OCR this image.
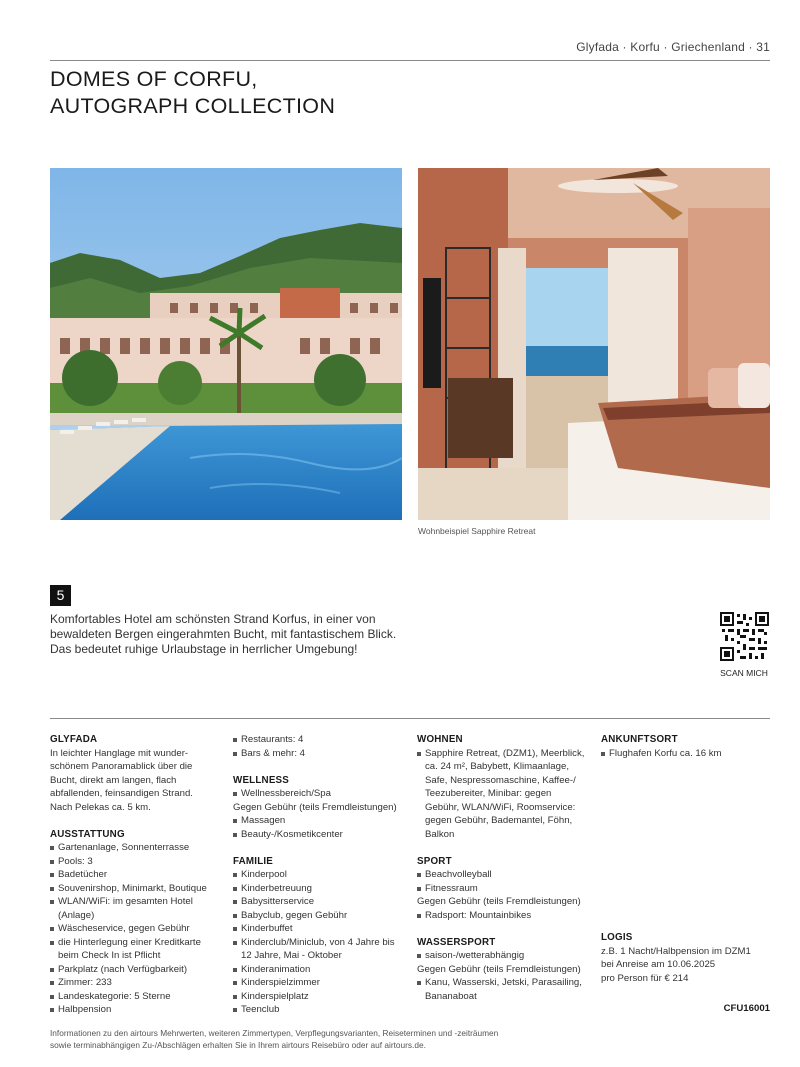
Glyfada · Korfu · Griechenland · 31
DOMES OF CORFU,
AUTOGRAPH COLLECTION
Wohnbeispiel Sapphire Retreat
5
Komfortables Hotel am schönsten Strand Korfus, in einer von
bewaldeten Bergen eingerahmten Bucht, mit fantastischem Blick.
Das bedeutet ruhige Urlaubstage in herrlicher Umgebung!
SCAN MICH
GLYFADA
In leichter Hanglage mit wunder-
schönem Panoramablick über die
Bucht, direkt am langen, flach
abfallenden, feinsandigen Strand.
Nach Pelekas ca. 5 km.
AUSSTATTUNG
Gartenanlage, Sonnenterrasse
Pools: 3
Badetücher
Souvenirshop, Minimarkt, Boutique
WLAN/WiFi: im gesamten Hotel
(Anlage)
Wäscheservice, gegen Gebühr
die Hinterlegung einer Kreditkarte
beim Check In ist Pflicht
Parkplatz (nach Verfügbarkeit)
Zimmer: 233
Landeskategorie: 5 Sterne
Halbpension
Restaurants: 4
Bars & mehr: 4
WELLNESS
Wellnessbereich/Spa
Gegen Gebühr (teils Fremdleistungen)
Massagen
Beauty-/Kosmetikcenter
FAMILIE
Kinderpool
Kinderbetreuung
Babysitterservice
Babyclub, gegen Gebühr
Kinderbuffet
Kinderclub/Miniclub, von 4 Jahre bis
12 Jahre, Mai - Oktober
Kinderanimation
Kinderspielzimmer
Kinderspielplatz
Teenclub
WOHNEN
Sapphire Retreat, (DZM1), Meerblick,
ca. 24 m², Babybett, Klimaanlage,
Safe, Nespressomaschine, Kaffee-/
Teezubereiter, Minibar: gegen
Gebühr, WLAN/WiFi, Roomservice:
gegen Gebühr, Bademantel, Föhn,
Balkon
SPORT
Beachvolleyball
Fitnessraum
Gegen Gebühr (teils Fremdleistungen)
Radsport: Mountainbikes
WASSERSPORT
saison-/wetterabhängig
Gegen Gebühr (teils Fremdleistungen)
Kanu, Wasserski, Jetski, Parasailing,
Bananaboat
ANKUNFTSORT
Flughafen Korfu ca. 16 km
LOGIS
z.B. 1 Nacht/Halbpension im DZM1
bei Anreise am 10.06.2025
pro Person für € 214
CFU16001
Informationen zu den airtours Mehrwerten, weiteren Zimmertypen, Verpflegungsvarianten, Reiseterminen und -zeiträumen
sowie terminabhängigen Zu-/Abschlägen erhalten Sie in Ihrem airtours Reisebüro oder auf airtours.de.
